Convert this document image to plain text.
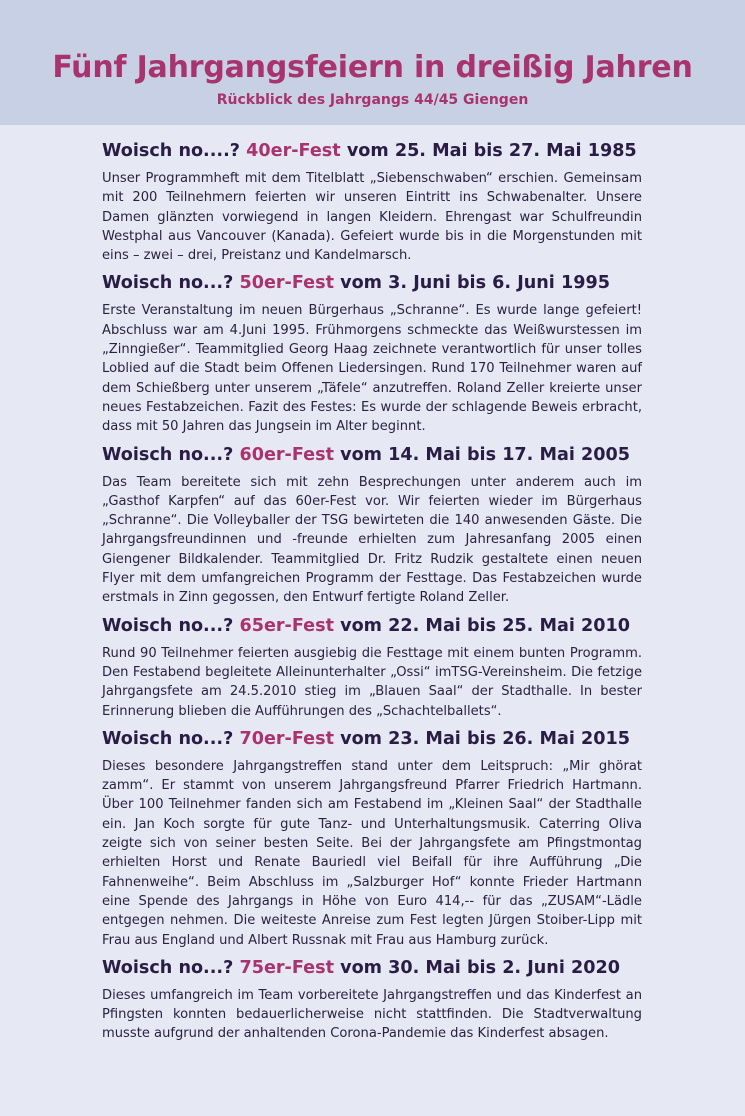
Fünf Jahrgangsfeiern in dreißig Jahren
Rückblick des Jahrgangs 44/45 Giengen
Woisch no....? 40er-Fest vom 25. Mai bis 27. Mai 1985

Unser Programmheft mit dem Titelblatt „Siebenschwaben“ erschien. Gemeinsam mit 200 Teilnehmern feierten wir unseren Eintritt ins Schwabenalter. Unsere Damen glänzten vorwiegend in langen Kleidern. Ehrengast war Schulfreundin Westphal aus Vancouver (Kanada). Gefeiert wurde bis in die Morgenstunden mit eins – zwei – drei, Preistanz und Kandelmarsch.

Woisch no...? 50er-Fest vom 3. Juni bis 6. Juni 1995

Erste Veranstaltung im neuen Bürgerhaus „Schranne“. Es wurde lange gefeiert! Abschluss war am 4.Juni 1995. Frühmorgens schmeckte das Weißwurstessen im „Zinngießer“. Teammitglied Georg Haag zeichnete verantwortlich für unser tolles Loblied auf die Stadt beim Offenen Liedersingen. Rund 170 Teilnehmer waren auf dem Schießberg unter unserem „Täfele“ anzutreffen. Roland Zeller kreierte unser neues Festabzeichen. Fazit des Festes: Es wurde der schlagende Beweis erbracht, dass mit 50 Jahren das Jungsein im Alter beginnt.

Woisch no...? 60er-Fest vom 14. Mai bis 17. Mai 2005

Das Team bereitete sich mit zehn Besprechungen unter anderem auch im „Gasthof Karpfen“ auf das 60er-Fest vor. Wir feierten wieder im Bürgerhaus „Schranne“. Die Volleyballer der TSG bewirteten die 140 anwesenden Gäste. Die Jahrgangsfreundinnen und -freunde erhielten zum Jahresanfang 2005 einen Giengener Bildkalender. Teammitglied Dr. Fritz Rudzik gestaltete einen neuen Flyer mit dem umfangreichen Programm der Festtage. Das Festabzeichen wurde erstmals in Zinn gegossen, den Entwurf fertigte Roland Zeller.

Woisch no...? 65er-Fest vom 22. Mai bis 25. Mai 2010

Rund 90 Teilnehmer feierten ausgiebig die Festtage mit einem bunten Programm. Den Festabend begleitete Alleinunterhalter „Ossi“ imTSG-Vereinsheim. Die fetzige Jahrgangsfete am 24.5.2010 stieg im „Blauen Saal“ der Stadthalle. In bester Erinnerung blieben die Aufführungen des „Schachtelballets“.

Woisch no...? 70er-Fest vom 23. Mai bis 26. Mai 2015

Dieses besondere Jahrgangstreffen stand unter dem Leitspruch: „Mir ghörat zamm“. Er stammt von unserem Jahrgangsfreund Pfarrer Friedrich Hartmann. Über 100 Teilnehmer fanden sich am Festabend im „Kleinen Saal“ der Stadthalle ein. Jan Koch sorgte für gute Tanz- und Unterhaltungsmusik. Caterring Oliva zeigte sich von seiner besten Seite. Bei der Jahrgangsfete am Pfingstmontag erhielten Horst und Renate Bauriedl viel Beifall für ihre Aufführung „Die Fahnenweihe“. Beim Abschluss im „Salzburger Hof“ konnte Frieder Hartmann eine Spende des Jahrgangs in Höhe von Euro 414,-- für das „ZUSAM“-Lädle entgegen nehmen. Die weiteste Anreise zum Fest legten Jürgen Stoiber-Lipp mit Frau aus England und Albert Russnak mit Frau aus Hamburg zurück.

Woisch no...? 75er-Fest vom 30. Mai bis 2. Juni 2020

Dieses umfangreich im Team vorbereitete Jahrgangstreffen und das Kinderfest an Pfingsten konnten bedauerlicherweise nicht stattfinden. Die Stadtverwaltung musste aufgrund der anhaltenden Corona-Pandemie das Kinderfest absagen.
